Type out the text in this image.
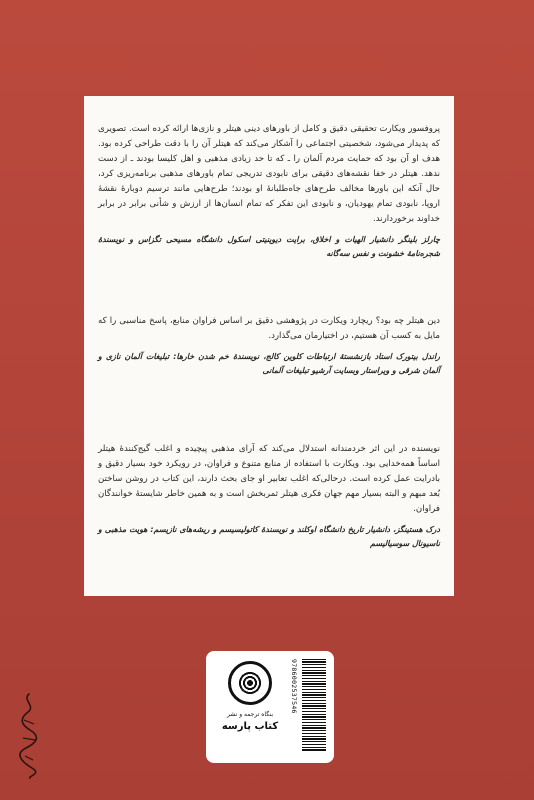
پروفسور ویکارت تحقیقی دقیق و کامل از باورهای دینی هیتلر و نازی‌ها ارائه کرده است. تصویری که پدیدار می‌شود، شخصیتی اجتماعی را آشکار می‌کند که هیتلر آن را با دقت طراحی کرده بود. هدف او آن بود که حمایت مردم آلمان را ـ که تا حد زیادی مذهبی و اهل کلیسا بودند ـ از دست ندهد. هیتلر در خفا نقشه‌های دقیقی برای نابودی تدریجی تمام باورهای مذهبی برنامه‌ریزی کرد، حال آنکه این باورها مخالف طرح‌های جاه‌طلبانهٔ او بودند؛ طرح‌هایی مانند ترسیم دوبارهٔ نقشهٔ اروپا، نابودی تمام یهودیان، و نابودی این تفکر که تمام انسان‌ها از ارزش و شأنی برابر در برابر خداوند برخوردارند.

چارلز بلینگر دانشیار الهیات و اخلاق، برایت دیوینیتی اسکول دانشگاه مسیحی تگزاس و نویسندهٔ شجره‌نامهٔ خشونت و نفس سه‌گانه

دین هیتلر چه بود؟ ریچارد ویکارت در پژوهشی دقیق بر اساس فراوان منابع، پاسخ مناسبی را که مایل به کسب آن هستیم، در اختیارمان می‌گذارد.

راندل بیتورک استاد بازنشستهٔ ارتباطات کلوین کالج، نویسندهٔ خم شدن خارها: تبلیغات آلمان نازی و آلمان شرقی و ویراستار وبسایت آرشیو تبلیغات آلمانی

نویسنده در این اثر خردمندانه استدلال می‌کند که آرای مذهبی پیچیده و اغلب گیج‌کنندهٔ هیتلر اساساً همه‌خدایی بود. ویکارت با استفاده از منابع متنوع و فراوان، در رویکرد خود بسیار دقیق و بادرایت عمل کرده است. درحالی‌که اغلب تعابیر او جای بحث دارند، این کتاب در روشن ساختن بُعد مبهم و البته بسیار مهم جهان فکری هیتلر ثمربخش است و به همین خاطر شایستهٔ خوانندگان فراوان.

درک هستینگز، دانشیار تاریخ دانشگاه اوکلند و نویسندهٔ کاتولیسیسم و ریشه‌های نازیسم: هویت مذهبی و ناسیونال سوسیالیسم

بنگاه ترجمه و نشر
کتاب پارسه
9786002537546
